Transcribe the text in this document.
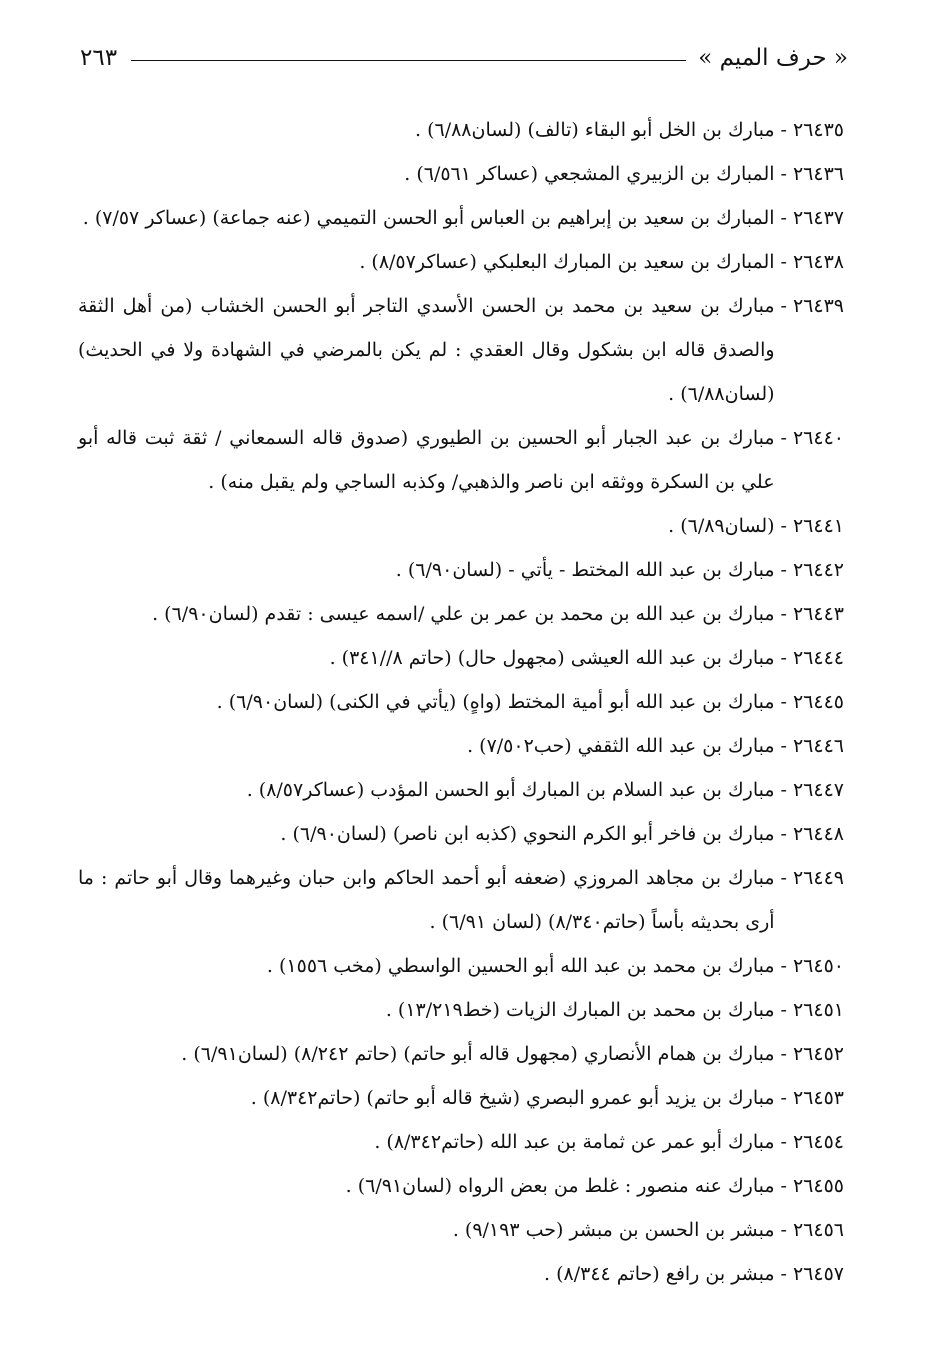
« حرف الميم »
٢٦٣
٢٦٤٣٥
-
مبارك بن الخل أبو البقاء (تالف) (لسان٦/٨٨) .
٢٦٤٣٦
-
المبارك بن الزبيري المشجعي (عساكر ٦/٥٦١) .
٢٦٤٣٧
-
المبارك بن سعيد بن إبراهيم بن العباس أبو الحسن التميمي (عنه جماعة) (عساكر ٧/٥٧) .
٢٦٤٣٨
-
المبارك بن سعيد بن المبارك البعلبكي (عساكر٨/٥٧) .
٢٦٤٣٩
-
مبارك بن سعيد بن محمد بن الحسن الأسدي التاجر أبو الحسن الخشاب (من أهل الثقة والصدق قاله ابن بشكول وقال العقدي : لم يكن بالمرضي في الشهادة ولا في الحديث) (لسان٦/٨٨) .
٢٦٤٤٠
-
مبارك بن عبد الجبار أبو الحسين بن الطيوري (صدوق قاله السمعاني / ثقة ثبت قاله أبو علي بن السكرة ووثقه ابن ناصر والذهبي/ وكذبه الساجي ولم يقبل منه) .
٢٦٤٤١
-
(لسان٦/٨٩) .
٢٦٤٤٢
-
مبارك بن عبد الله المختط - يأتي - (لسان٦/٩٠) .
٢٦٤٤٣
-
مبارك بن عبد الله بن محمد بن عمر بن علي /اسمه عيسى : تقدم (لسان٦/٩٠) .
٢٦٤٤٤
-
مبارك بن عبد الله العيشى (مجهول حال) (حاتم ٨//٣٤١) .
٢٦٤٤٥
-
مبارك بن عبد الله أبو أمية المختط (واهٍ) (يأتي في الكنى) (لسان٦/٩٠) .
٢٦٤٤٦
-
مبارك بن عبد الله الثقفي (حب٧/٥٠٢) .
٢٦٤٤٧
-
مبارك بن عبد السلام بن المبارك أبو الحسن المؤدب (عساكر٨/٥٧) .
٢٦٤٤٨
-
مبارك بن فاخر أبو الكرم النحوي (كذبه ابن ناصر) (لسان٦/٩٠) .
٢٦٤٤٩
-
مبارك بن مجاهد المروزي (ضعفه أبو أحمد الحاكم وابن حبان وغيرهما وقال أبو حاتم : ما أرى بحديثه بأساً (حاتم٨/٣٤٠) (لسان ٦/٩١) .
٢٦٤٥٠
-
مبارك بن محمد بن عبد الله أبو الحسين الواسطي (مخب ١٥٥٦) .
٢٦٤٥١
-
مبارك بن محمد بن المبارك الزيات (خط١٣/٢١٩) .
٢٦٤٥٢
-
مبارك بن همام الأنصاري (مجهول قاله أبو حاتم) (حاتم ٨/٢٤٢) (لسان٦/٩١) .
٢٦٤٥٣
-
مبارك بن يزيد أبو عمرو البصري (شيخ قاله أبو حاتم) (حاتم٨/٣٤٢) .
٢٦٤٥٤
-
مبارك أبو عمر عن ثمامة بن عبد الله (حاتم٨/٣٤٢) .
٢٦٤٥٥
-
مبارك عنه منصور : غلط من بعض الرواه (لسان٦/٩١) .
٢٦٤٥٦
-
مبشر بن الحسن بن مبشر (حب ٩/١٩٣) .
٢٦٤٥٧
-
مبشر بن رافع (حاتم ٨/٣٤٤) .
